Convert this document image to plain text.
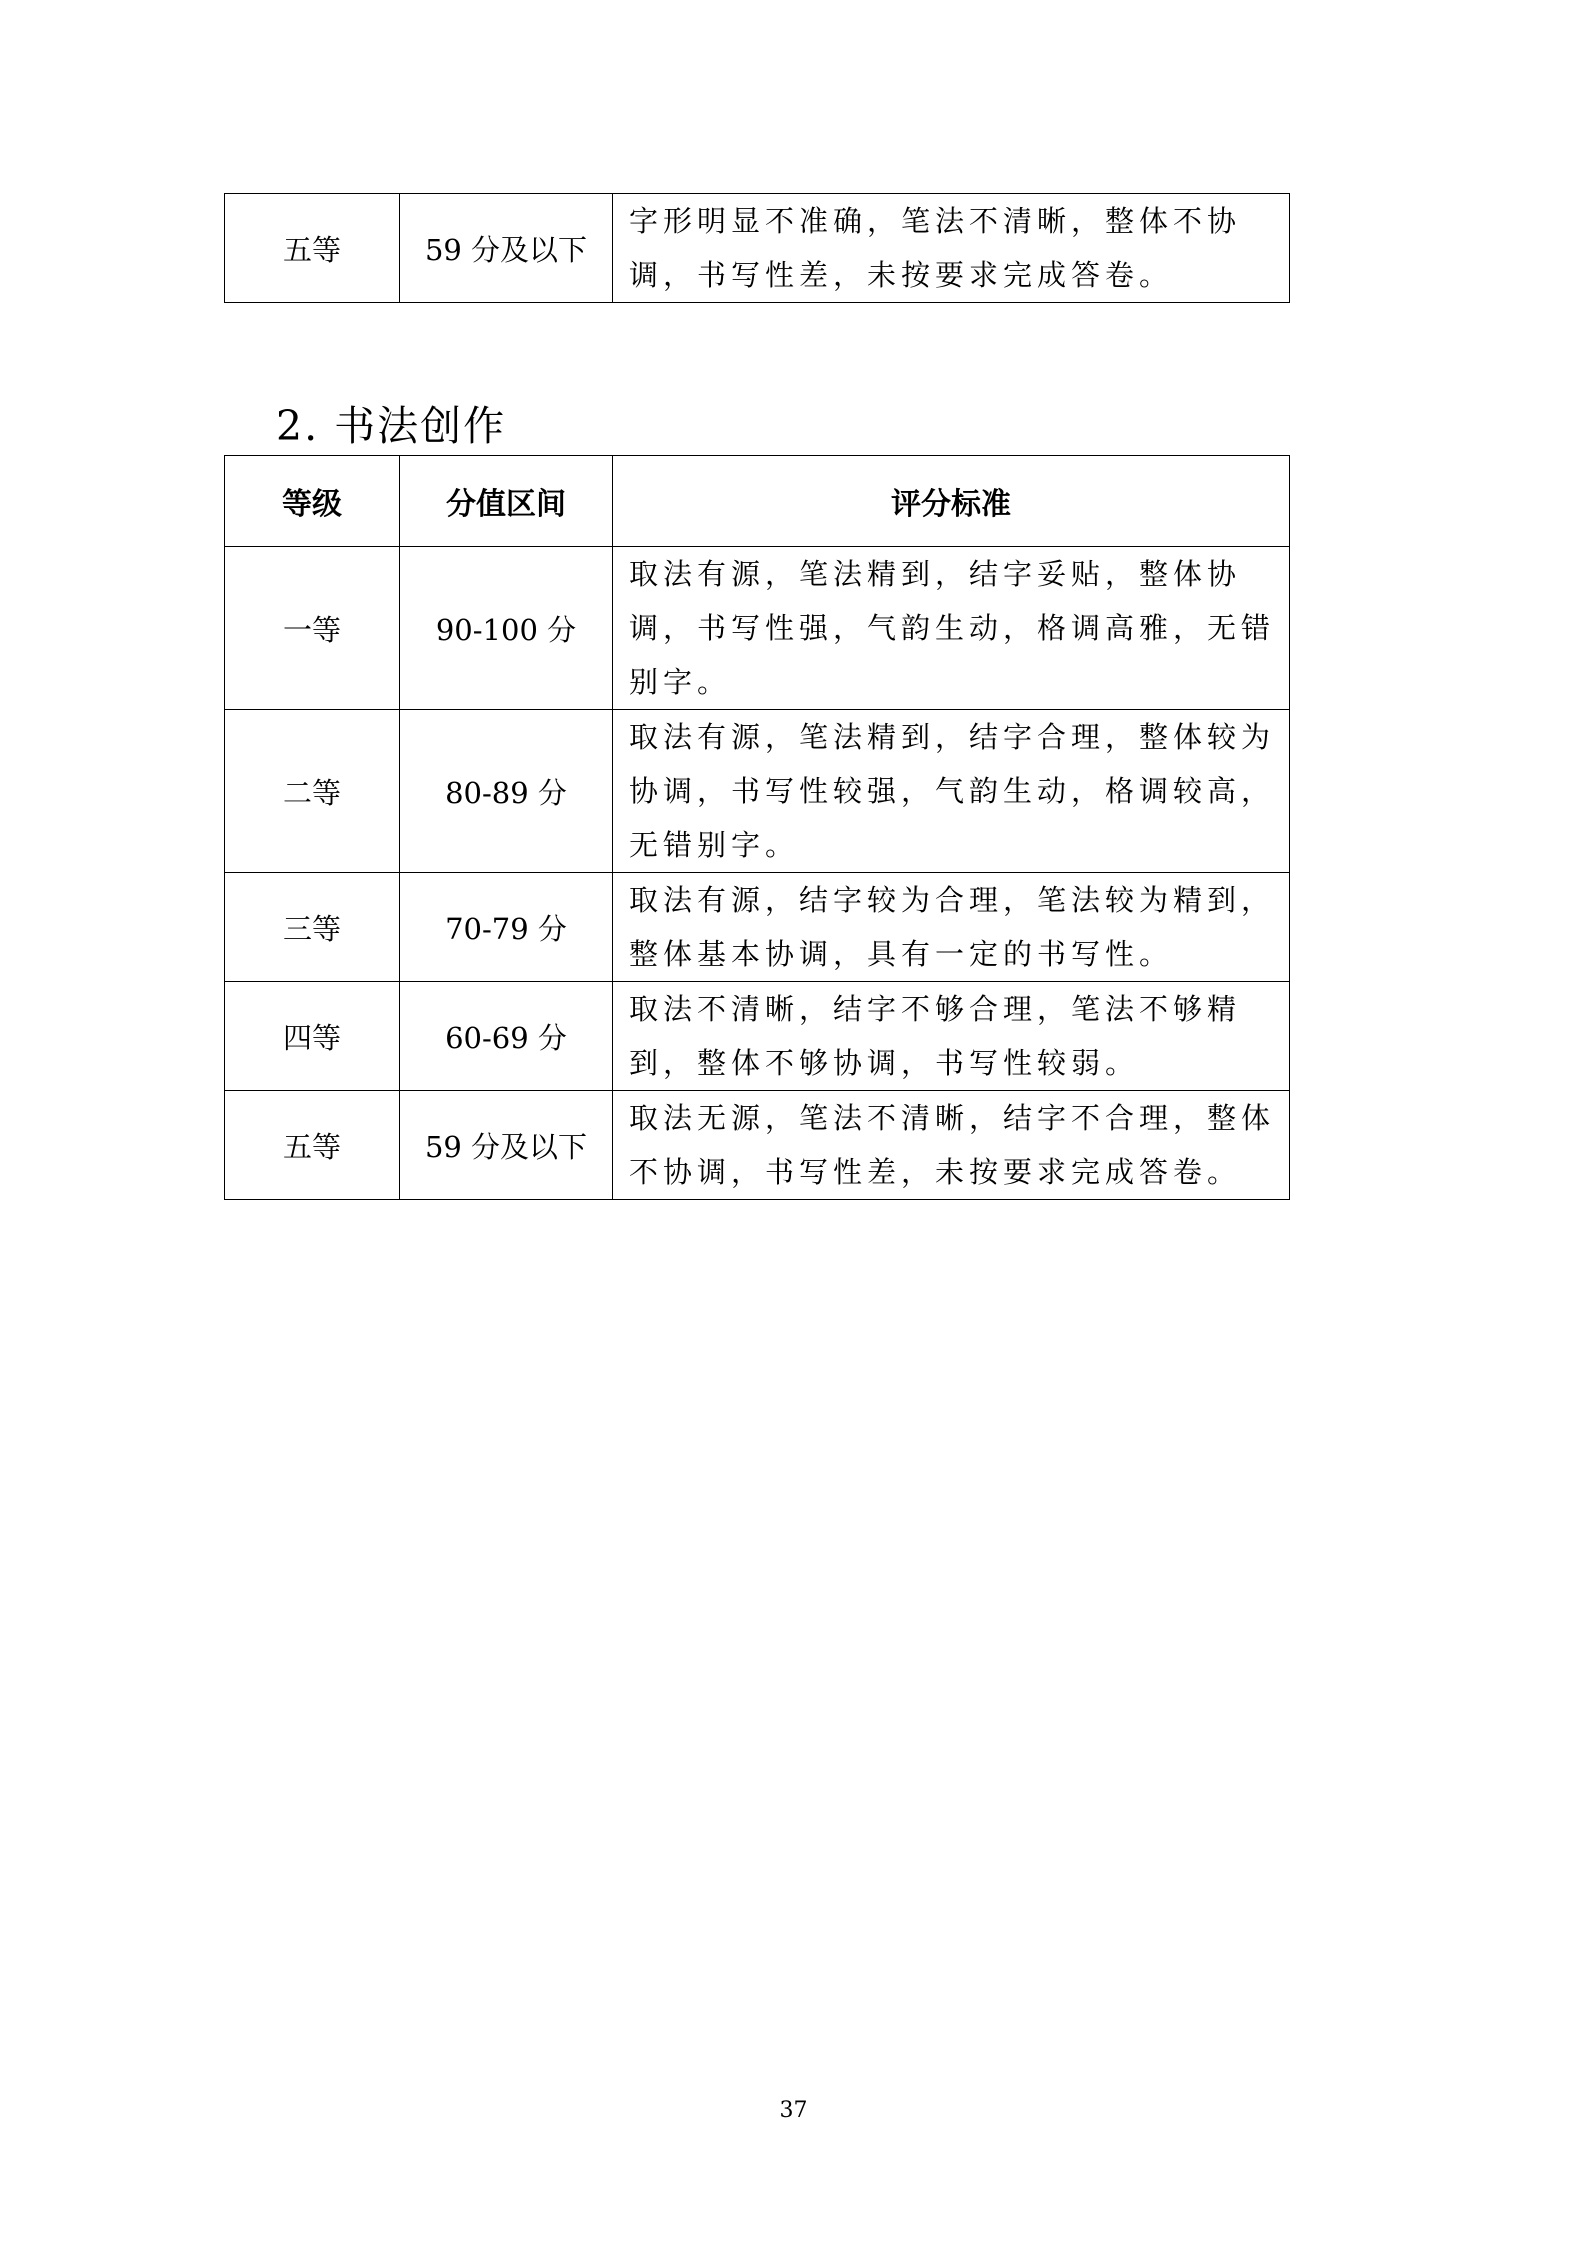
五等	59 分及以下	字形明显不准确，笔法不清晰，整体不协调，书写性差，未按要求完成答卷。
2. 书法创作
等级	分值区间	评分标准
一等	90-100 分	取法有源，笔法精到，结字妥贴，整体协调，书写性强，气韵生动，格调高雅，无错别字。
二等	80-89 分	取法有源，笔法精到，结字合理，整体较为协调，书写性较强，气韵生动，格调较高，无错别字。
三等	70-79 分	取法有源，结字较为合理，笔法较为精到，整体基本协调，具有一定的书写性。
四等	60-69 分	取法不清晰，结字不够合理，笔法不够精到，整体不够协调，书写性较弱。
五等	59 分及以下	取法无源，笔法不清晰，结字不合理，整体不协调，书写性差，未按要求完成答卷。
37
